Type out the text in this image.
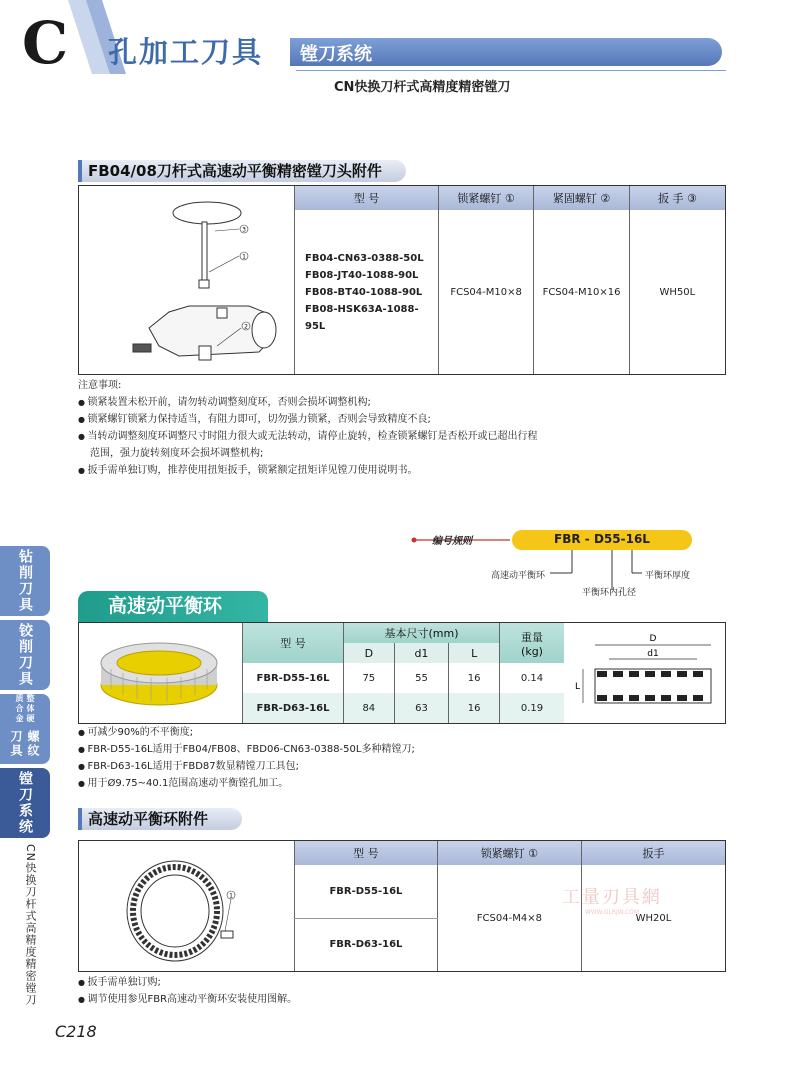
C 孔加工刀具 镗刀系统
CN快换刀杆式高精度精密镗刀
FB04/08刀杆式高速动平衡精密镗刀头附件
3
1
2
型 号	锁紧螺钉 ①	紧固螺钉 ②	扳 手 ③

FB04-CN63-0388-50L
FB08-JT40-1088-90L
FB08-BT40-1088-90L
FB08-HSK63A-1088-95L	FCS04-M10×8	FCS04-M10×16	WH50L
注意事项:
● 锁紧装置未松开前，请勿转动调整刻度环，否则会损坏调整机构;
● 锁紧螺钉锁紧力保持适当，有阻力即可，切勿强力锁紧，否则会导致精度不良;
● 当转动调整刻度环调整尺寸时阻力很大或无法转动，请停止旋转，检查锁紧螺钉是否松开或已超出行程
范围，强力旋转刻度环会损坏调整机构;
● 扳手需单独订购，推荐使用扭矩扳手，锁紧额定扭矩详见镗刀使用说明书。
编号规则	FBR - D55-16L
高速动平衡环
平衡环内孔径
平衡环厚度
钻削刀具
铰削刀具
整体硬质合金
螺纹刀具
镗刀系统
CN快换刀杆式高精度精密镗刀
高速动平衡环
型 号	基本尺寸(mm)			重量
(kg)
	D	d1	L	
FBR-D55-16L	75	55	16	0.14
FBR-D63-16L	84	63	16	0.19
D
d1
L
● 可减少90%的不平衡度;
● FBR-D55-16L适用于FB04/FB08、FBD06-CN63-0388-50L多种精镗刀;
● FBR-D63-16L适用于FBD87数显精镗刀工具包;
● 用于Ø9.75~40.1范围高速动平衡镗孔加工。
高速动平衡环附件
1
型 号	锁紧螺钉 ①	扳手
FBR-D55-16L	FCS04-M4×8	WH20L
工量刃具網
WWW.GLRJW.COM

FBR-D63-16L		
● 扳手需单独订购;
● 调节使用参见FBR高速动平衡环安装使用图解。
C218
